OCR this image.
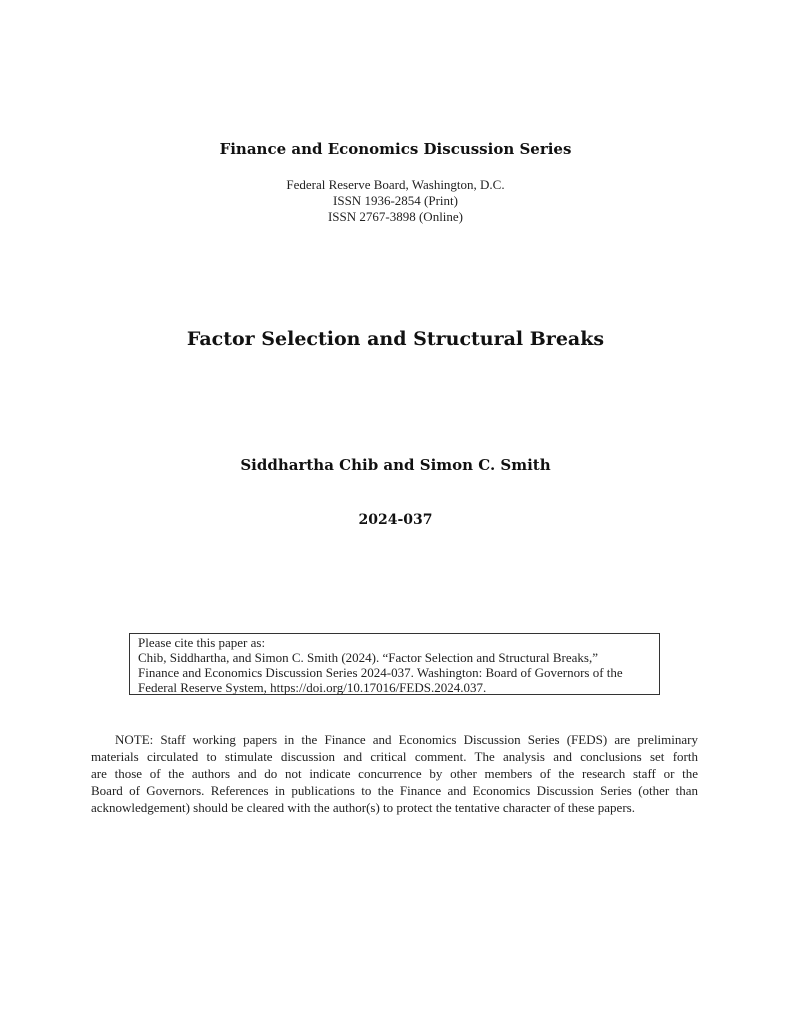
Finance and Economics Discussion Series
Federal Reserve Board, Washington, D.C.
ISSN 1936-2854 (Print)
ISSN 2767-3898 (Online)
Factor Selection and Structural Breaks
Siddhartha Chib and Simon C. Smith
2024-037
Please cite this paper as:
Chib, Siddhartha, and Simon C. Smith (2024). “Factor Selection and Structural Breaks,”
Finance and Economics Discussion Series 2024-037. Washington: Board of Governors of the
Federal Reserve System, https://doi.org/10.17016/FEDS.2024.037.
NOTE: Staff working papers in the Finance and Economics Discussion Series (FEDS) are preliminary
materials circulated to stimulate discussion and critical comment. The analysis and conclusions set forth
are those of the authors and do not indicate concurrence by other members of the research staff or the
Board of Governors. References in publications to the Finance and Economics Discussion Series (other than
acknowledgement) should be cleared with the author(s) to protect the tentative character of these papers.
